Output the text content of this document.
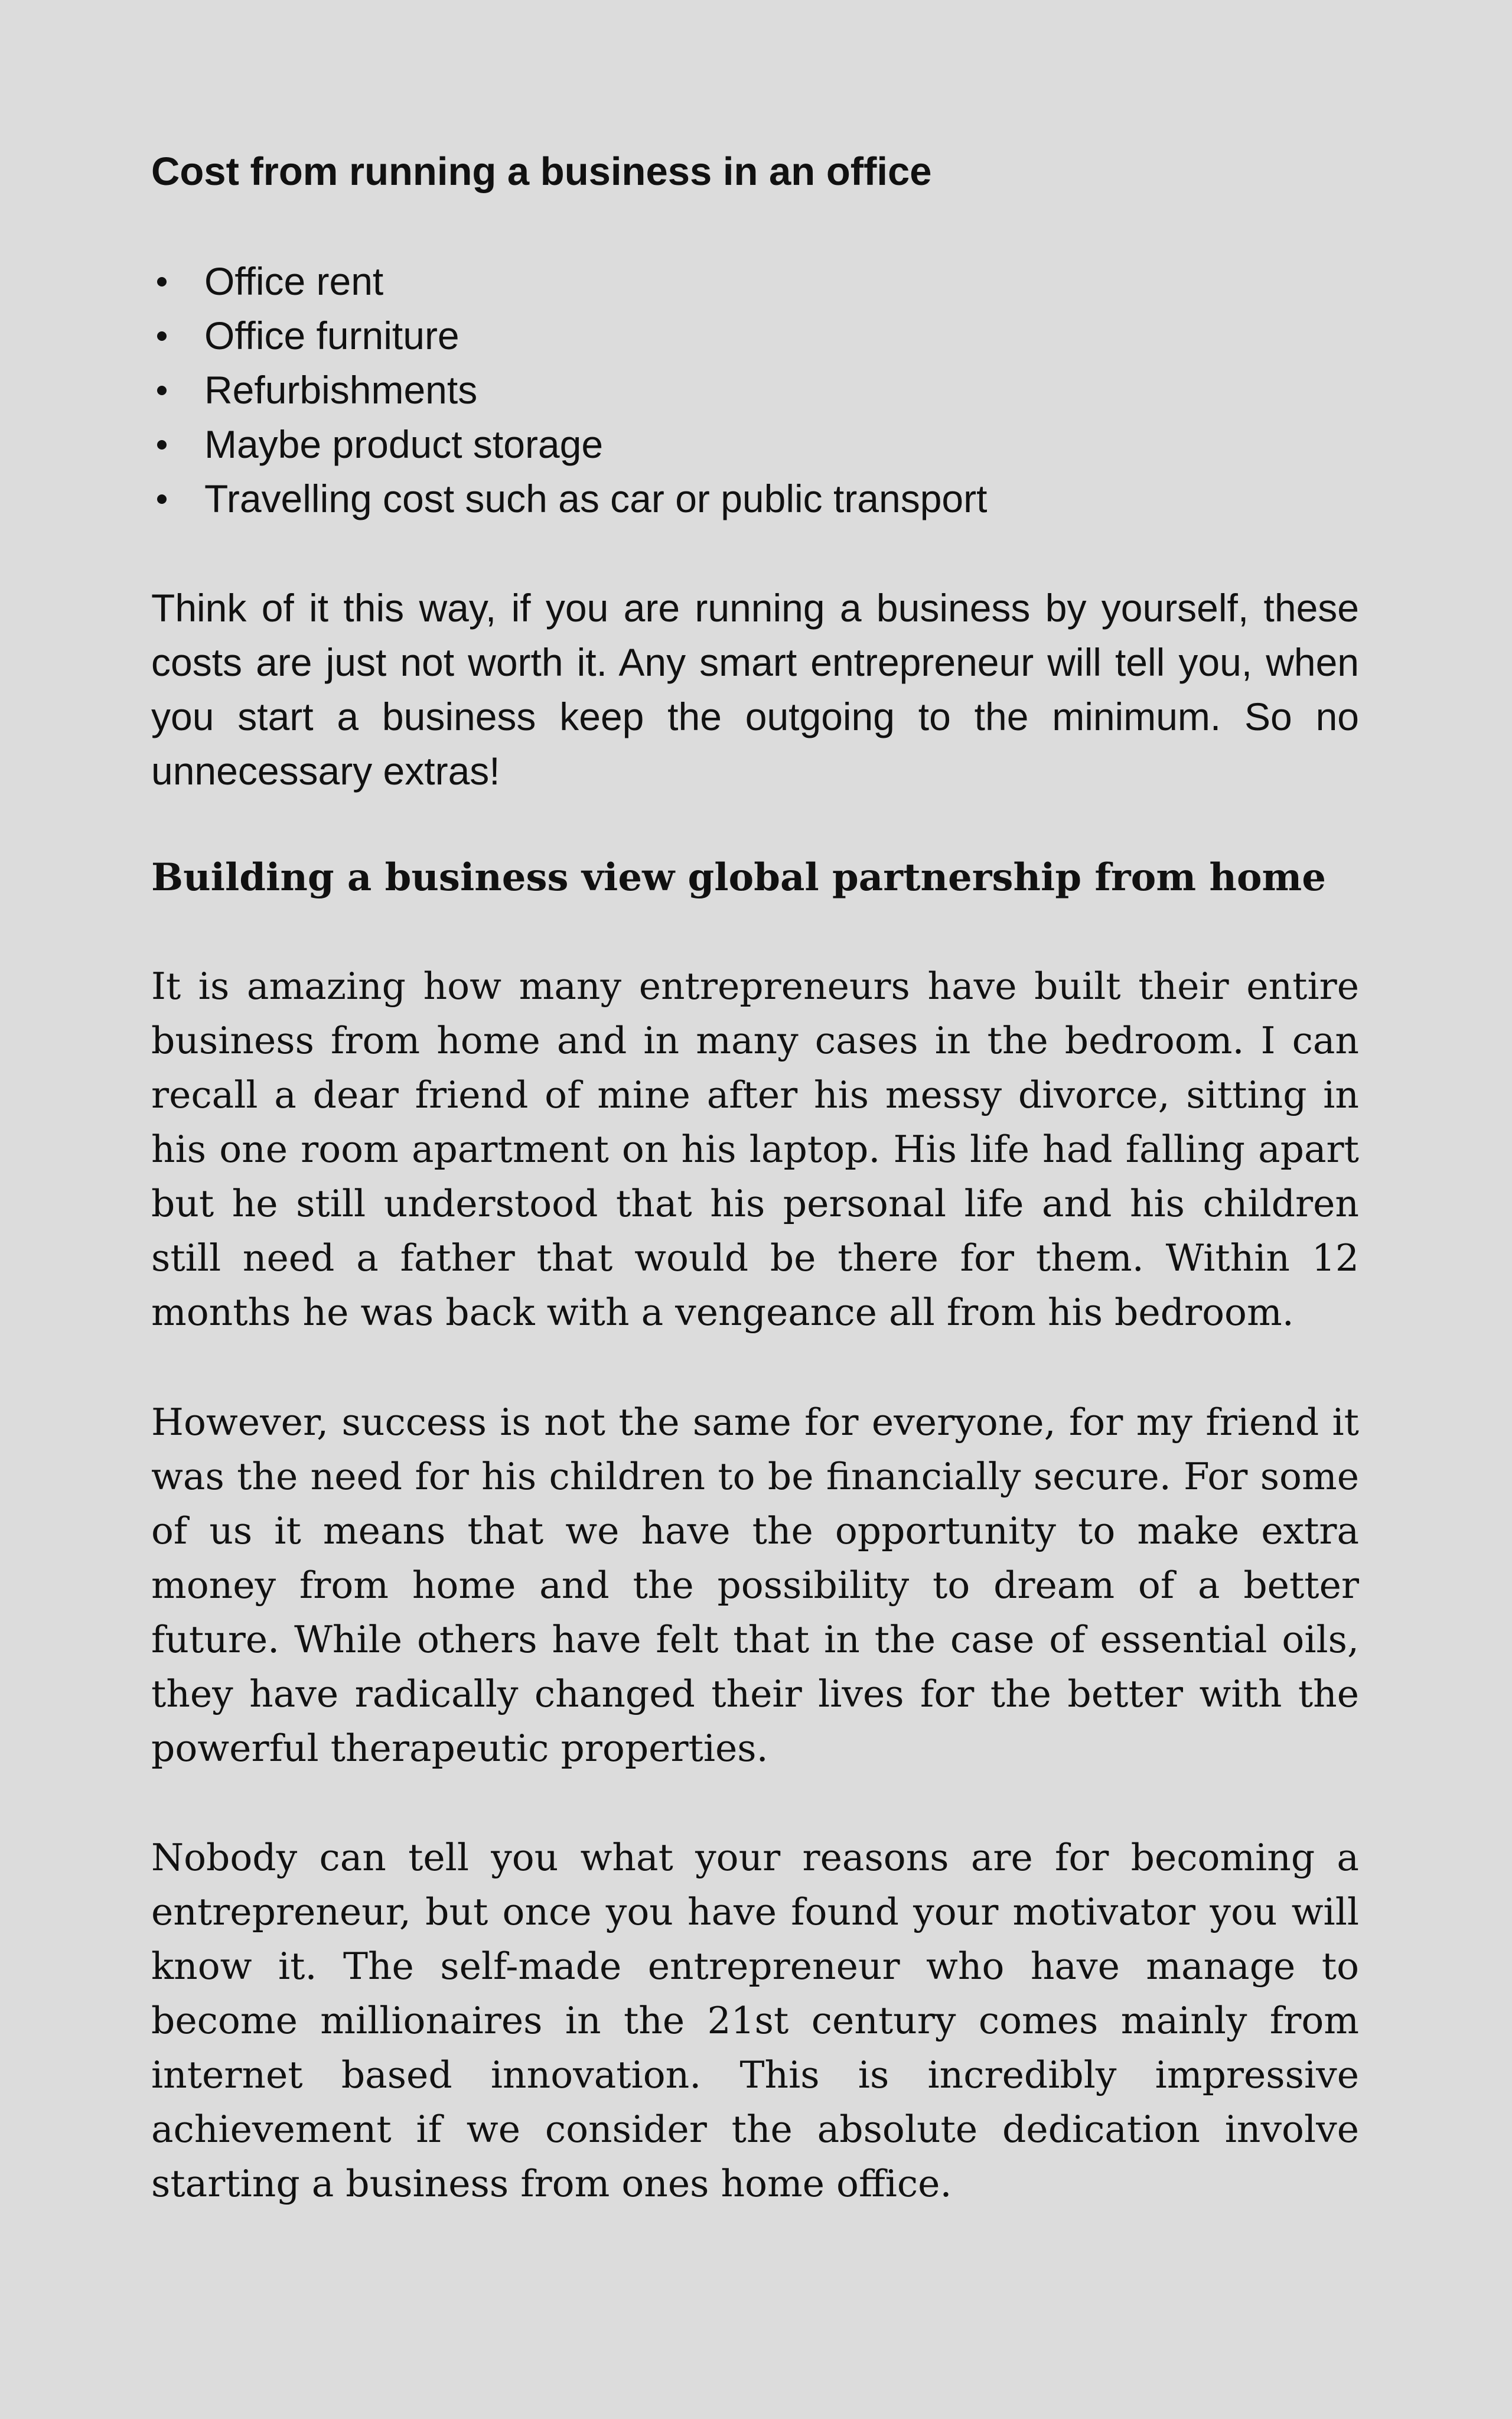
Cost from running a business in an office
Office rent
Office furniture
Refurbishments
Maybe product storage
Travelling cost such as car or public transport

Think of it this way, if you are running a business by yourself, these costs are just not worth it. Any smart entrepreneur will tell you, when you start a business keep the outgoing to the minimum. So no unnecessary extras!

Building a business view global partnership from home

It is amazing how many entrepreneurs have built their entire business from home and in many cases in the bedroom. I can recall a dear friend of mine after his messy divorce, sitting in his one room apartment on his laptop. His life had falling apart but he still understood that his personal life and his children still need a father that would be there for them. Within 12 months he was back with a vengeance all from his bedroom.

However, success is not the same for everyone, for my friend it was the need for his children to be financially secure. For some of us it means that we have the opportunity to make extra money from home and the possibility to dream of a better future. While others have felt that in the case of essential oils, they have radically changed their lives for the better with the powerful therapeutic properties.

Nobody can tell you what your reasons are for becoming a entrepreneur, but once you have found your motivator you will know it. The self-made entrepreneur who have manage to become millionaires in the 21st century comes mainly from internet based innovation. This is incredibly impressive achievement if we consider the absolute dedication involve starting a business from ones home office.
